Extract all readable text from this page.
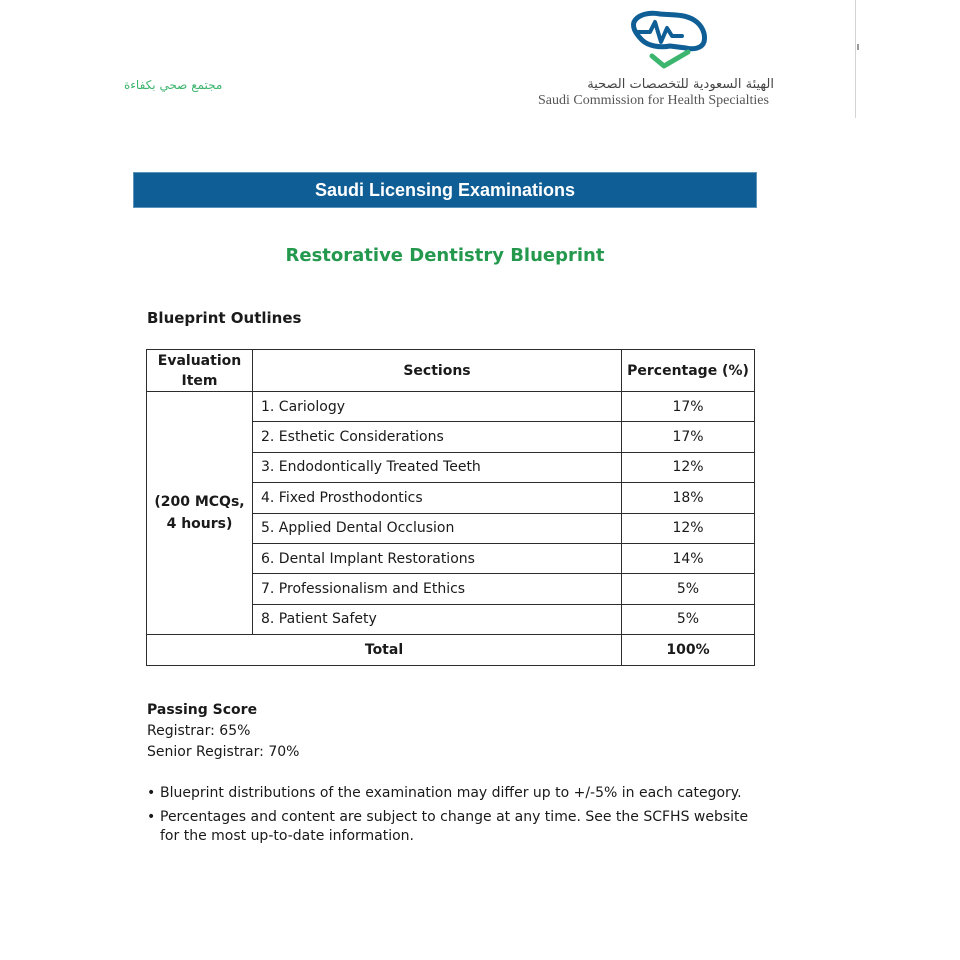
مجتمع صحي بكفاءة	الهيئة السعودية للتخصصات الصحية
Saudi Commission for Health Specialties
Saudi Licensing Examinations
Restorative Dentistry Blueprint
Blueprint Outlines
Evaluation
Item	Sections	Percentage (%)
(200 MCQs,
4 hours)	1. Cariology	17%
	2. Esthetic Considerations	17%
	3. Endodontically Treated Teeth	12%
	4. Fixed Prosthodontics	18%
	5. Applied Dental Occlusion	12%
	6. Dental Implant Restorations	14%
	7. Professionalism and Ethics	5%
	8. Patient Safety	5%
Total		100%
Passing Score
Registrar: 65%
Senior Registrar: 70%
• Blueprint distributions of the examination may differ up to +/-5% in each category.
• Percentages and content are subject to change at any time. See the SCFHS website for the most up-to-date information.
